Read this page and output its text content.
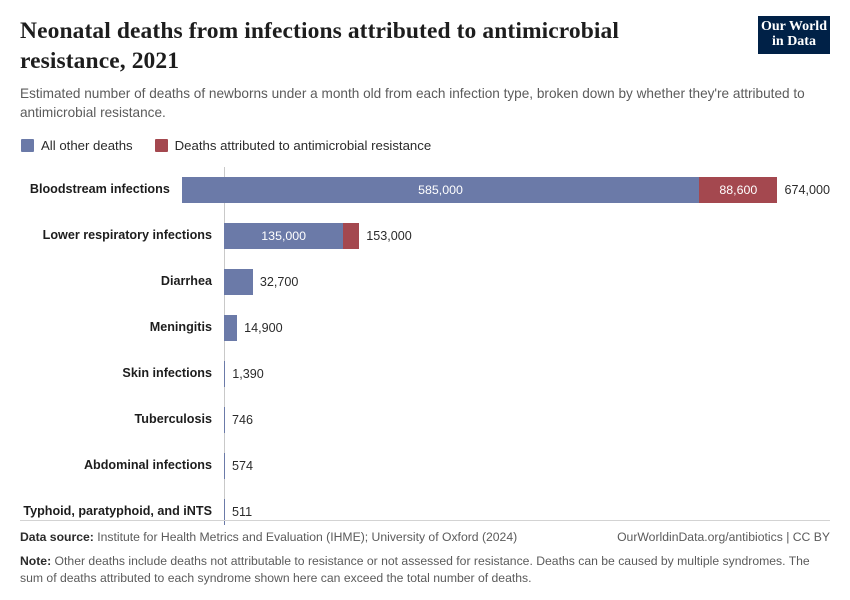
Neonatal deaths from infections attributed to antimicrobial resistance, 2021

Estimated number of deaths of newborns under a month old from each infection type, broken down by whether they're attributed to antimicrobial resistance.

Our World
in Data
All other deaths	Deaths attributed to antimicrobial resistance
Bloodstream infections	585,000	88,600 674,000
Lower respiratory infections	135,000	153,000
Diarrhea	32,700
Meningitis	14,900
Skin infections	1,390
Tuberculosis	746
Abdominal infections	574
Typhoid, paratyphoid, and iNTS	511
Data source: Institute for Health Metrics and Evaluation (IHME); University of Oxford (2024)	OurWorldinData.org/antibiotics | CC BY
Note: Other deaths include deaths not attributable to resistance or not assessed for resistance. Deaths can be caused by multiple syndromes. The sum of deaths attributed to each syndrome shown here can exceed the total number of deaths.
